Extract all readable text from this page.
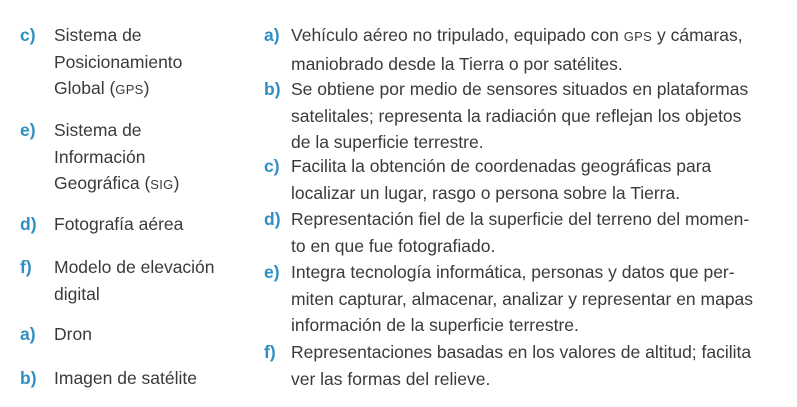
c)	Sistema de
Posicionamiento
Global (GPS)
e)	Sistema de
Información
Geográfica (SIG)
d) Fotografía aérea
f)	Modelo de elevación
digital
a)	Dron
b) Imagen de satélite
a) Vehículo aéreo no tripulado, equipado con GPS y cámaras,
maniobrado desde la Tierra o por satélites.
b) Se obtiene por medio de sensores situados en plataformas
satelitales; representa la radiación que reflejan los objetos
de la superficie terrestre.
c) Facilita la obtención de coordenadas geográficas para
localizar un lugar, rasgo o persona sobre la Tierra.
d) Representación fiel de la superficie del terreno del momen-
to en que fue fotografiado.
e) Integra tecnología informática, personas y datos que per-
miten capturar, almacenar, analizar y representar en mapas
información de la superficie terrestre.
f) Representaciones basadas en los valores de altitud; facilita
ver las formas del relieve.
